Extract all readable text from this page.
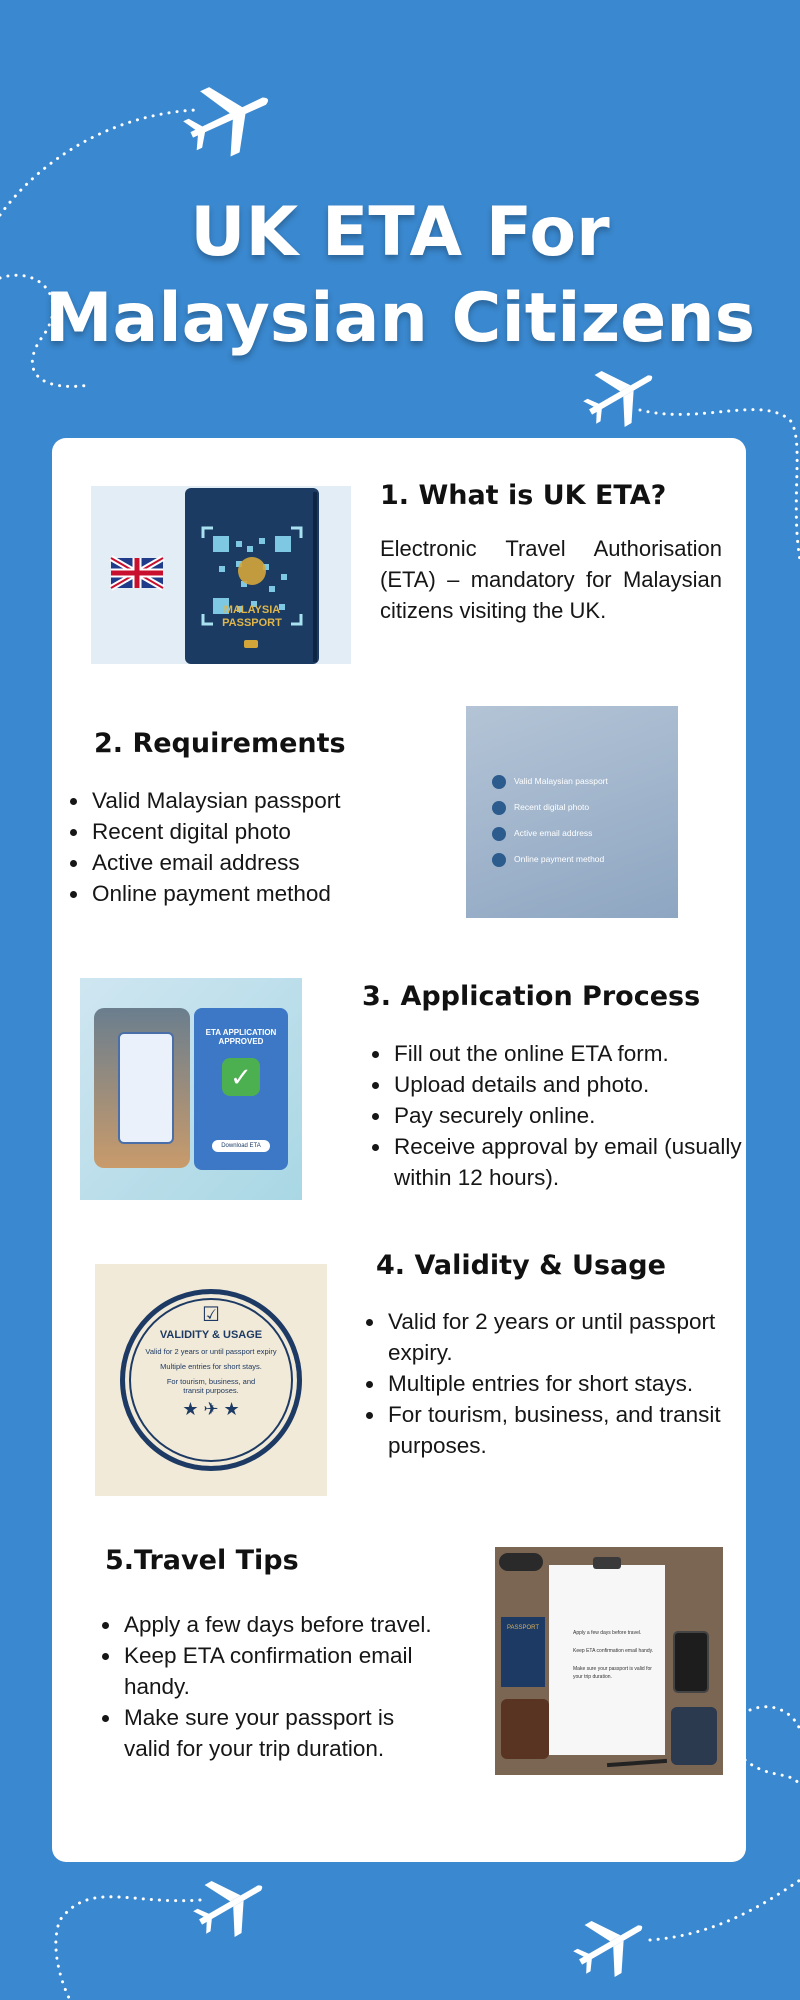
UK ETA For
Malaysian Citizens
MALAYSIA
PASSPORT
1. What is UK ETA?
Electronic Travel Authorisation (ETA) – mandatory for Malaysian citizens visiting the UK.
2. Requirements
• Valid Malaysian passport
• Recent digital photo
• Active email address
• Online payment method
Valid Malaysian passport
Recent digital photo
Active email address
Online payment method
ETA APPLICATION
APPROVED
✓
Download ETA
3. Application Process
• Fill out the online ETA form.
• Upload details and photo.
• Pay securely online.
• Receive approval by email (usually within 12 hours).
☑
VALIDITY & USAGE
Valid for 2 years or until passport expiry
Multiple entries for short stays.
For tourism, business, and
transit purposes.
★ ✈ ★
4. Validity & Usage
• Valid for 2 years or until passport expiry.
• Multiple entries for short stays.
• For tourism, business, and transit purposes.
5.Travel Tips
• Apply a few days before travel.
• Keep ETA confirmation email handy.
• Make sure your passport is valid for your trip duration.
PASSPORT
Apply a few days before travel.
Keep ETA confirmation email handy.
Make sure your passport is valid for your trip duration.
